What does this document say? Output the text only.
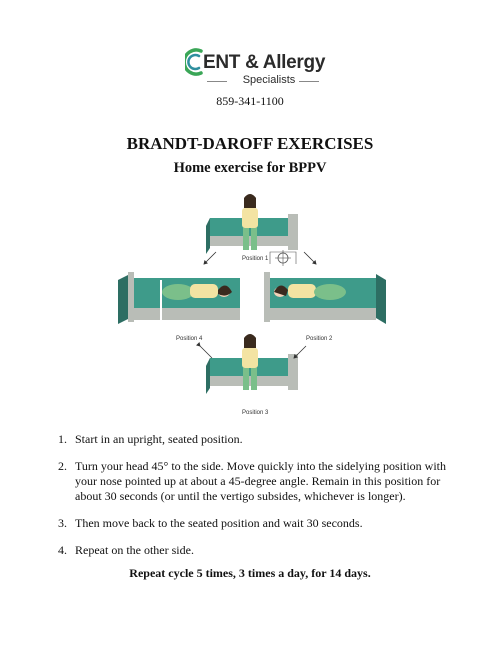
ENT & Allergy
Specialists
859-341-1100
BRANDT-DAROFF EXERCISES
Home exercise for BPPV
Position 1
Position 4	Position 2
Position 3
1. Start in an upright, seated position.
2. Turn your head 45° to the side. Move quickly into the sidelying position with your nose pointed up at about a 45-degree angle. Remain in this position for about 30 seconds (or until the vertigo subsides, whichever is longer).
3. Then move back to the seated position and wait 30 seconds.
4. Repeat on the other side.
Repeat cycle 5 times, 3 times a day, for 14 days.
